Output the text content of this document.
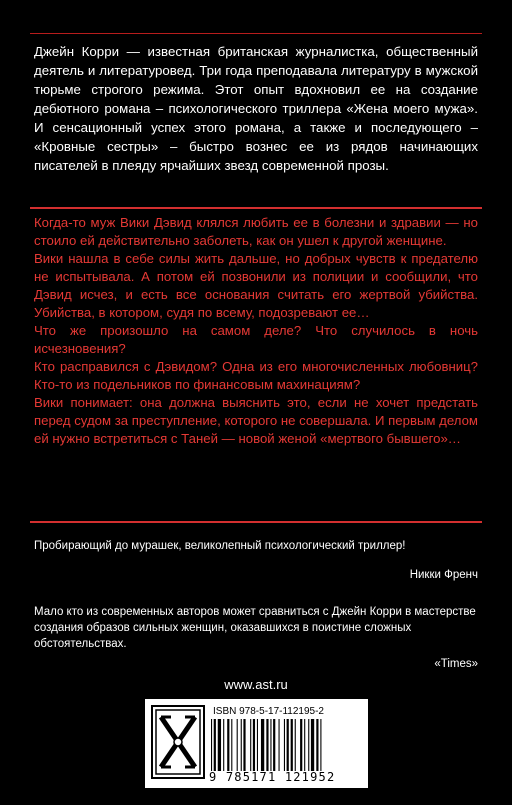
Джейн Корри — известная британская журналистка, общественный деятель и литературовед. Три года преподавала литературу в мужской тюрьме строгого режима. Этот опыт вдохновил ее на создание дебютного романа – психологического триллера «Жена моего мужа». И сенсационный успех этого романа, а также и последующего – «Кровные сестры» – быстро вознес ее из рядов начинающих писателей в плеяду ярчайших звезд современной прозы.

Когда-то муж Вики Дэвид клялся любить ее в болезни и здравии — но стоило ей действительно заболеть, как он ушел к другой женщине.

Вики нашла в себе силы жить дальше, но добрых чувств к предателю не испытывала. А потом ей позвонили из полиции и сообщили, что Дэвид исчез, и есть все основания считать его жертвой убийства. Убийства, в котором, судя по всему, подозревают ее…

Что же произошло на самом деле? Что случилось в ночь исчезновения?

Кто расправился с Дэвидом? Одна из его многочисленных любовниц? Кто-то из подельников по финансовым махинациям?

Вики понимает: она должна выяснить это, если не хочет предстать перед судом за преступление, которого не совершала. И первым делом ей нужно встретиться с Таней — новой женой «мертвого бывшего»…

Пробирающий до мурашек, великолепный психологический триллер!
Никки Френч
Мало кто из современных авторов может сравниться с Джейн Корри в мастерстве создания образов сильных женщин, оказавшихся в поистине сложных обстоятельствах.
«Times»
www.ast.ru
ISBN 978-5-17-112195-2
9 785171 121952
